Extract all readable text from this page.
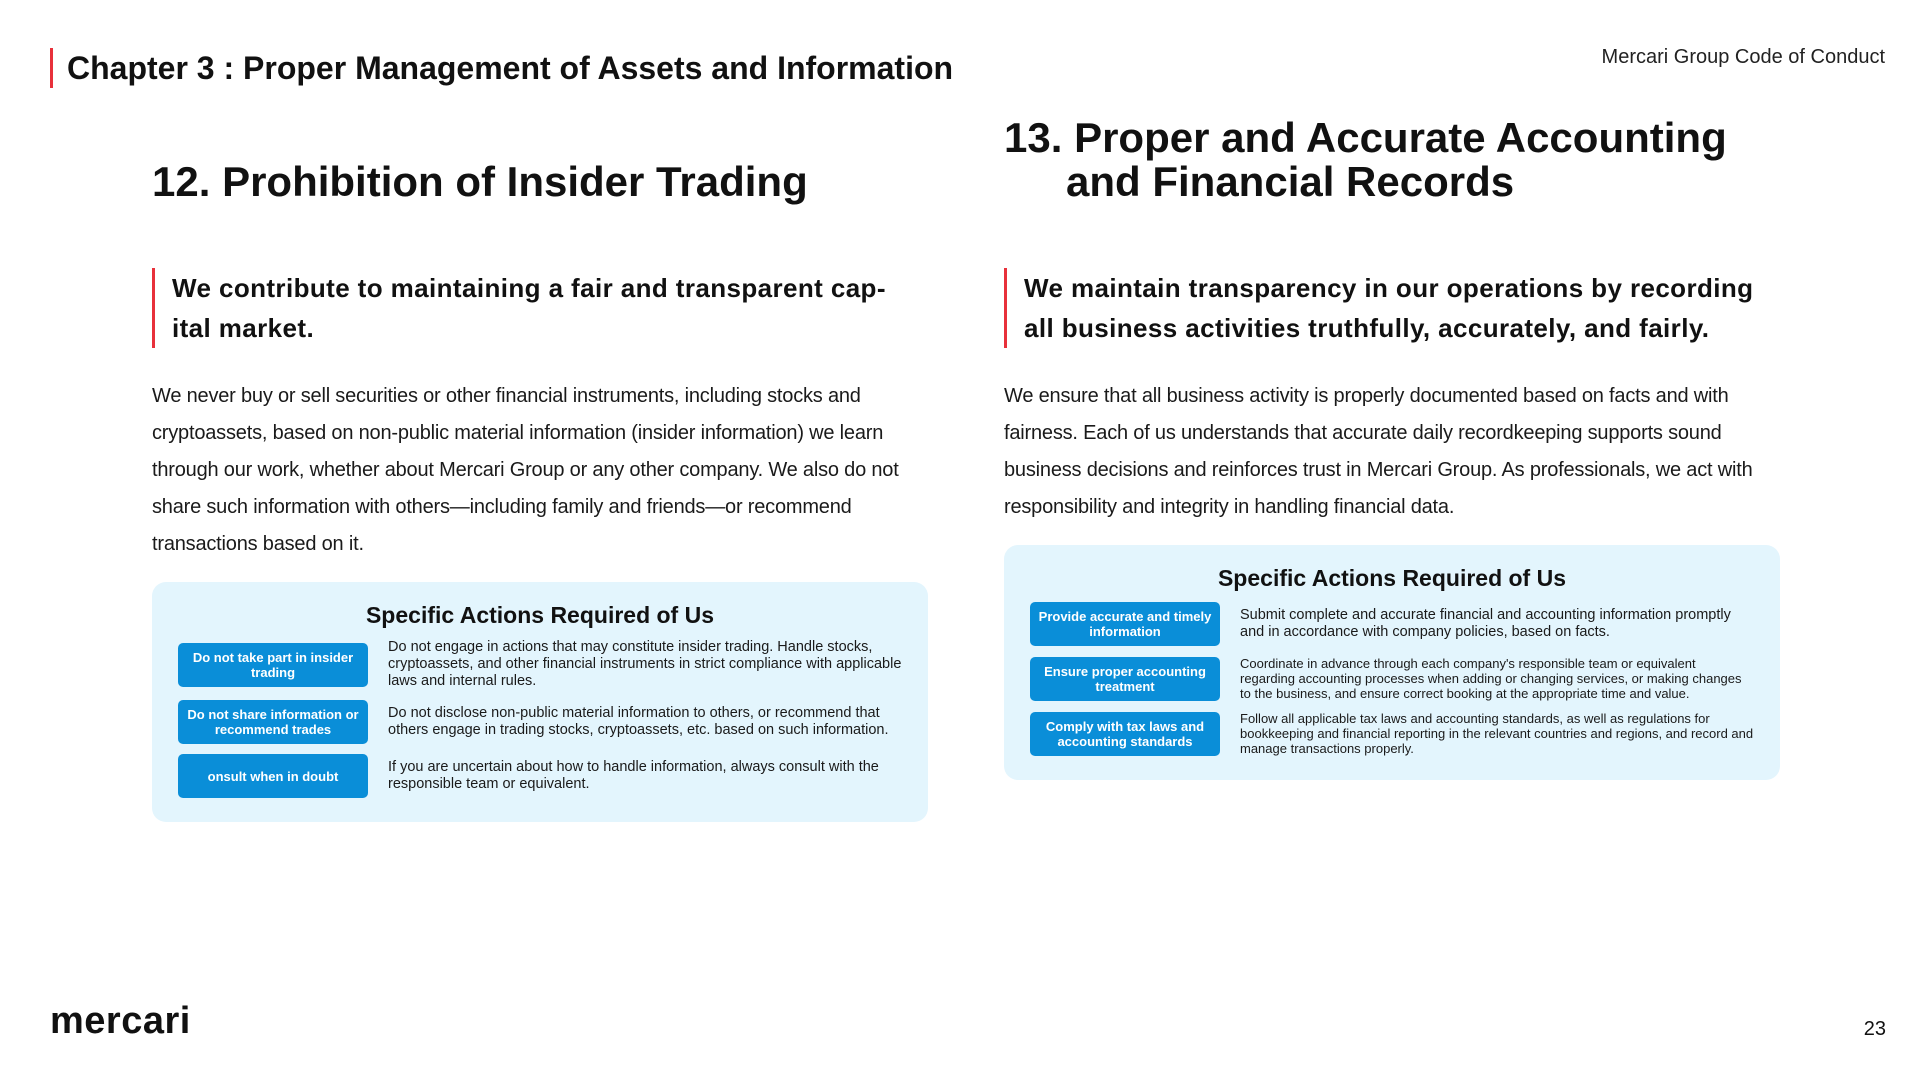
Chapter 3 : Proper Management of Assets and Information	Mercari Group Code of Conduct
12. Prohibition of Insider Trading
We contribute to maintaining a fair and transparent cap- ital market.
We never buy or sell securities or other financial instruments, including stocks and cryptoassets, based on non-public material information (insider information) we learn through our work, whether about Mercari Group or any other company. We also do not share such information with others—including family and friends—or recommend transactions based on it.
Specific Actions Required of Us
Do not take part in insider trading
Do not engage in actions that may constitute insider trading. Handle stocks, cryptoassets, and other financial instruments in strict compliance with applicable laws and internal rules.
Do not share information or recommend trades
Do not disclose non-public material information to others, or recommend that others engage in trading stocks, cryptoassets, etc. based on such information.
onsult when in doubt
If you are uncertain about how to handle information, always consult with the responsible team or equivalent.
13. Proper and Accurate Accounting
and Financial Records
We maintain transparency in our operations by recording all business activities truthfully, accurately, and fairly.
We ensure that all business activity is properly documented based on facts and with fairness. Each of us understands that accurate daily recordkeeping supports sound business decisions and reinforces trust in Mercari Group. As professionals, we act with responsibility and integrity in handling financial data.
Specific Actions Required of Us
Provide accurate and timely information
Submit complete and accurate financial and accounting information promptly and in accordance with company policies, based on facts.
Ensure proper accounting treatment
Coordinate in advance through each company's responsible team or equivalent regarding accounting processes when adding or changing services, or making changes to the business, and ensure correct booking at the appropriate time and value.
Comply with tax laws and accounting standards
Follow all applicable tax laws and accounting standards, as well as regulations for bookkeeping and financial reporting in the relevant countries and regions, and record and manage transactions properly.
mercari	23
